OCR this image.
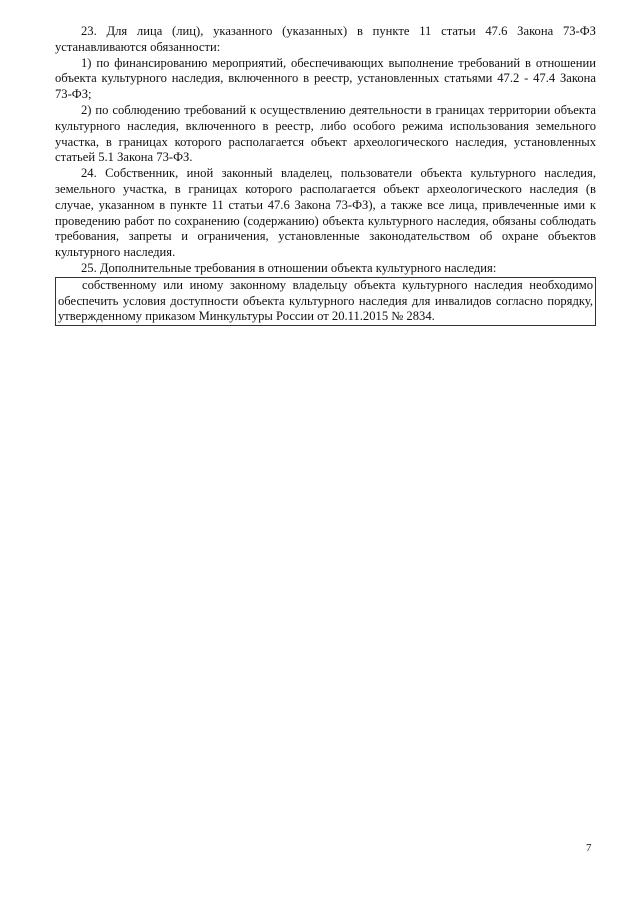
23. Для лица (лиц), указанного (указанных) в пункте 11 статьи 47.6 Закона 73-ФЗ устанавливаются обязанности:

1) по финансированию мероприятий, обеспечивающих выполнение требований в отношении объекта культурного наследия, включенного в реестр, установленных статьями 47.2 - 47.4 Закона 73-ФЗ;

2) по соблюдению требований к осуществлению деятельности в границах территории объекта культурного наследия, включенного в реестр, либо особого режима использования земельного участка, в границах которого располагается объект археологического наследия, установленных статьей 5.1 Закона 73-ФЗ.

24. Собственник, иной законный владелец, пользователи объекта культурного наследия, земельного участка, в границах которого располагается объект археологического наследия (в случае, указанном в пункте 11 статьи 47.6 Закона 73-ФЗ), а также все лица, привлеченные ими к проведению работ по сохранению (содержанию) объекта культурного наследия, обязаны соблюдать требования, запреты и ограничения, установленные законодательством об охране объектов культурного наследия.

25. Дополнительные требования в отношении объекта культурного наследия:

собственному или иному законному владельцу объекта культурного наследия необходимо обеспечить условия доступности объекта культурного наследия для инвалидов согласно порядку, утвержденному приказом Минкультуры России от 20.11.2015 № 2834.

7
